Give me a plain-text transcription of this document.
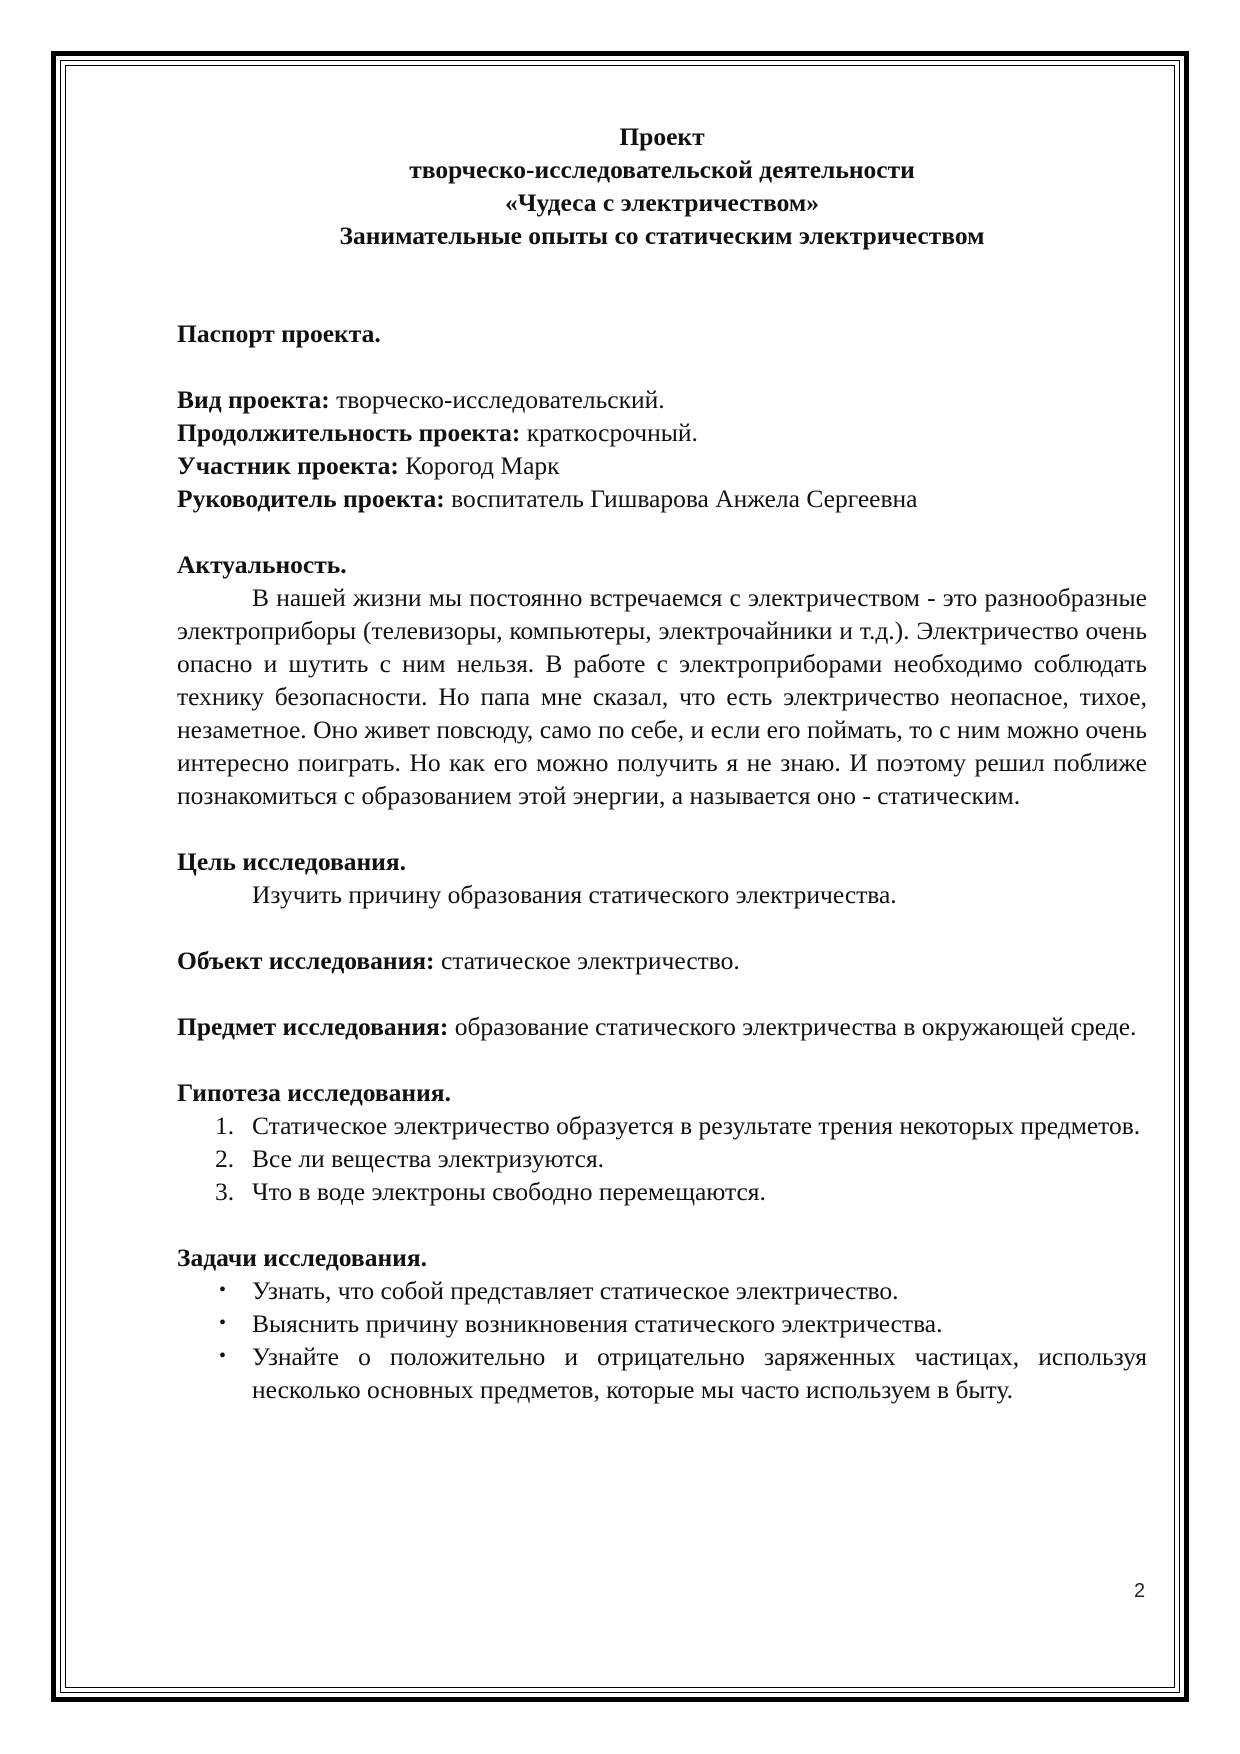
Проект
творческо-исследовательской деятельности
«Чудеса с электричеством»
Занимательные опыты со статическим электричеством

Паспорт проекта.

Вид проекта: творческо-исследовательский.

Продолжительность проекта: краткосрочный.

Участник проекта: Корогод Марк

Руководитель проекта: воспитатель Гишварова Анжела Сергеевна

Актуальность.

В нашей жизни мы постоянно встречаемся с электричеством - это разнообразные электроприборы (телевизоры, компьютеры, электрочайники и т.д.). Электричество очень опасно и шутить с ним нельзя. В работе с электроприборами необходимо соблюдать технику безопасности. Но папа мне сказал, что есть электричество неопасное, тихое, незаметное. Оно живет повсюду, само по себе, и если его поймать, то с ним можно очень интересно поиграть. Но как его можно получить я не знаю. И поэтому решил поближе познакомиться с образованием этой энергии, а называется оно - статическим.

Цель исследования.

Изучить причину образования статического электричества.

Объект исследования: статическое электричество.

Предмет исследования: образование статического электричества в окружающей среде.

Гипотеза исследования.

1. Статическое электричество образуется в результате трения некоторых предметов.
2. Все ли вещества электризуются.
3. Что в воде электроны свободно перемещаются.

Задачи исследования.

• Узнать, что собой представляет статическое электричество.
• Выяснить причину возникновения статического электричества.
• Узнайте о положительно и отрицательно заряженных частицах, используя несколько основных предметов, которые мы часто используем в быту.
2
